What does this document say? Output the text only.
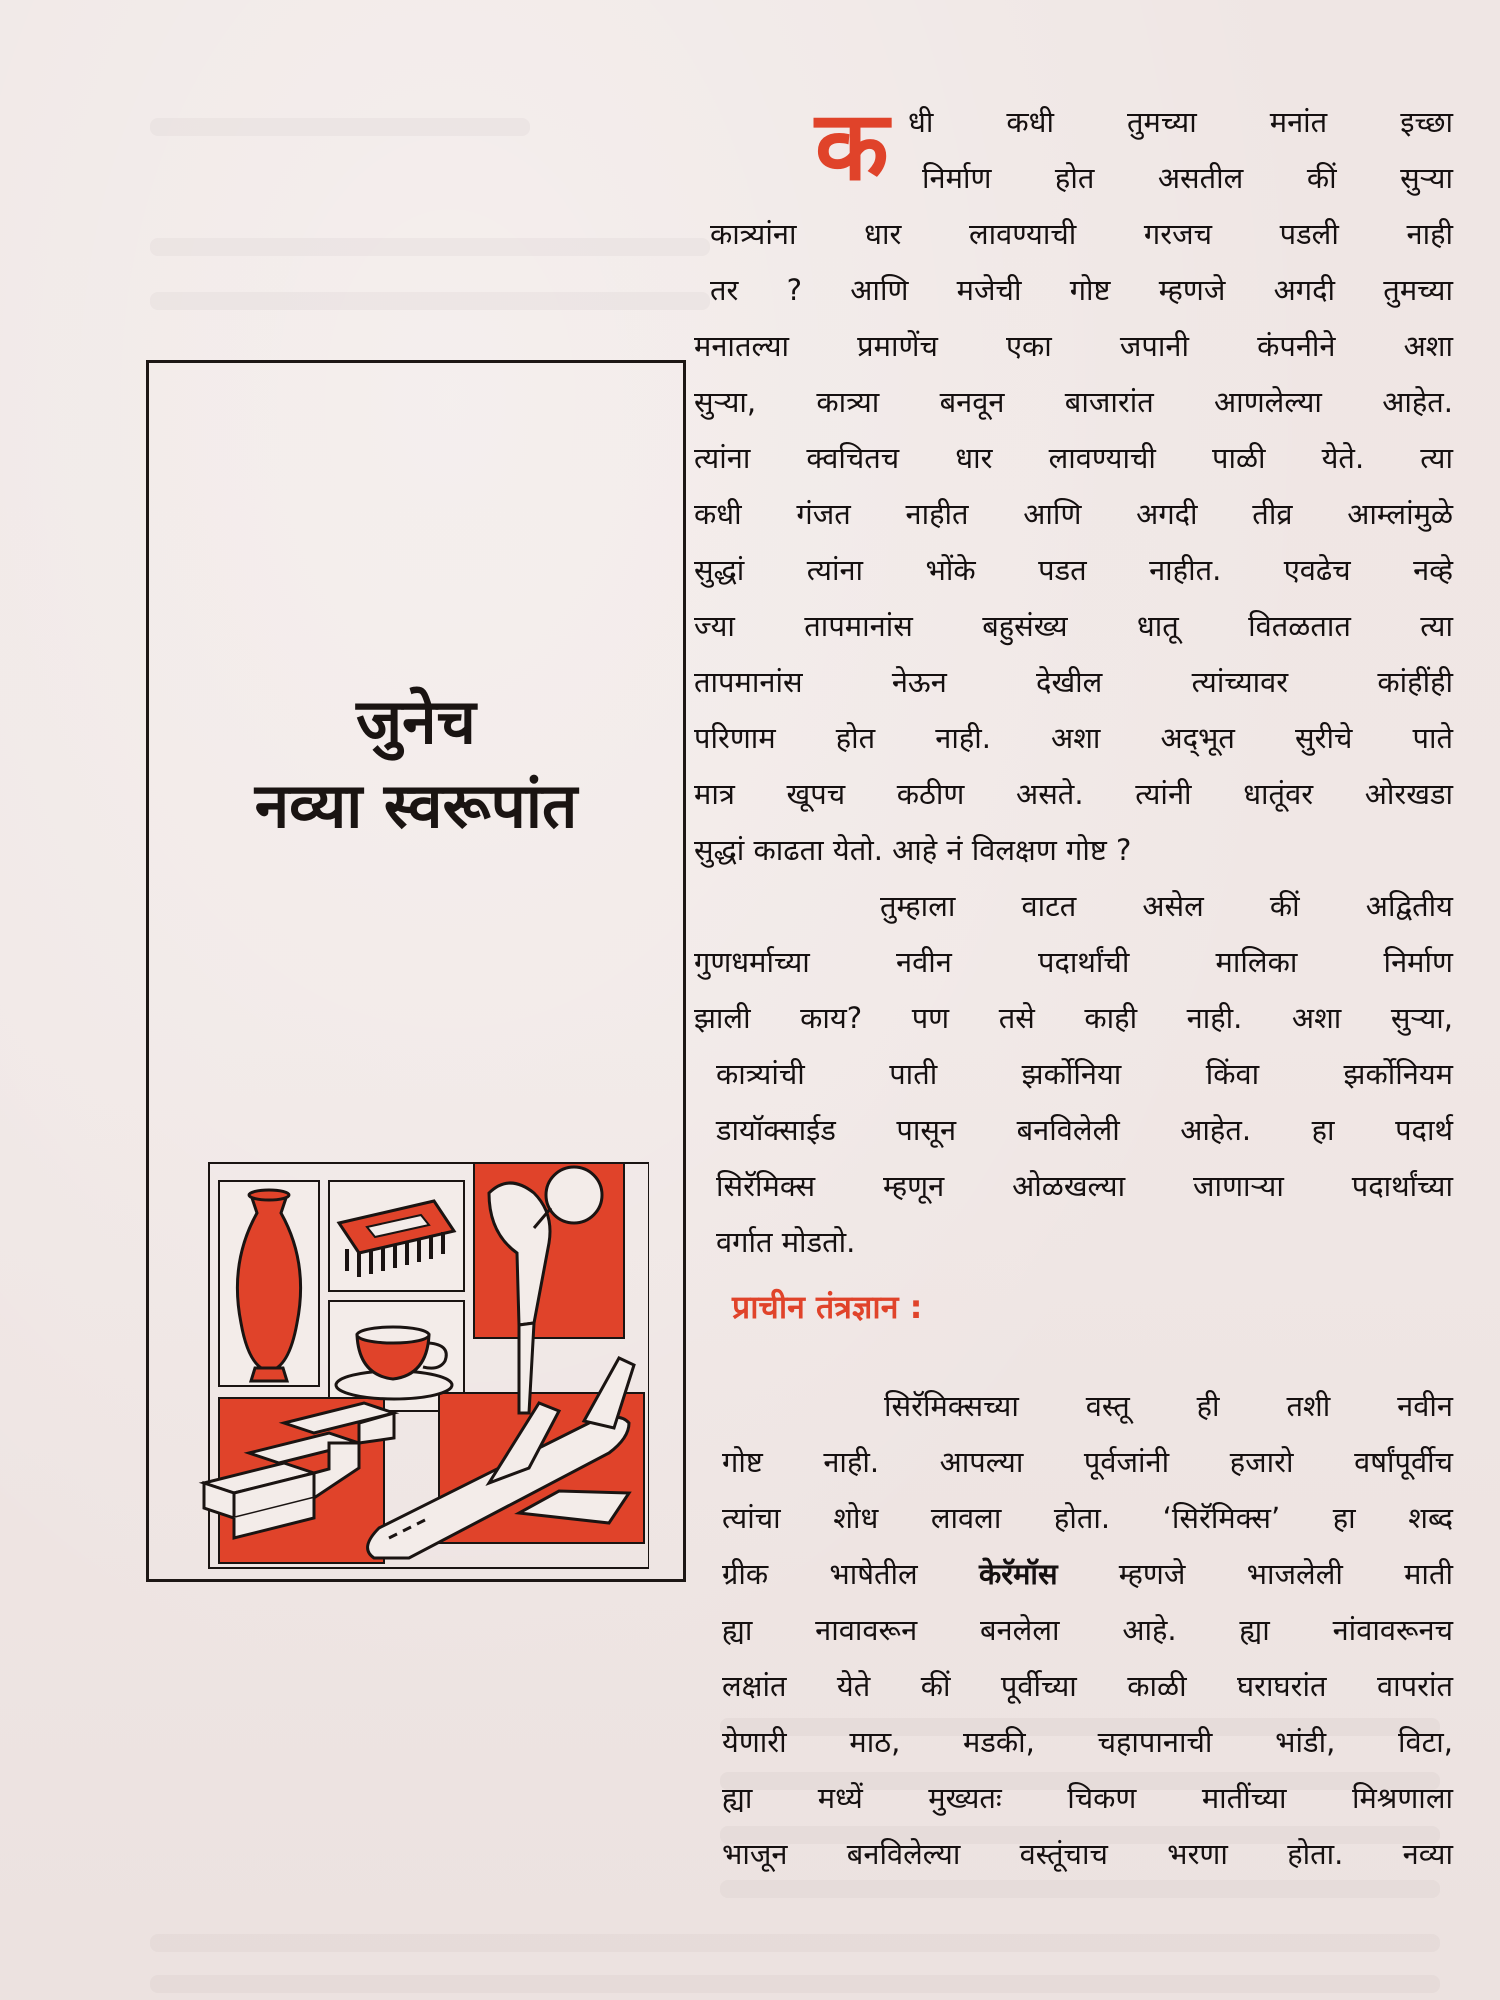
जुनेच
नव्या स्वरूपांत
क धी कधी तुमच्या मनांत इच्छा
निर्माण होत असतील कीं सुऱ्या
कात्र्यांना धार लावण्याची गरजच पडली नाही
तर ? आणि मजेची गोष्ट म्हणजे अगदी तुमच्या
मनातल्या प्रमाणेंच एका जपानी कंपनीने अशा
सुऱ्या, कात्र्या बनवून बाजारांत आणलेल्या आहेत.
त्यांना क्वचितच धार लावण्याची पाळी येते. त्या
कधी गंजत नाहीत आणि अगदी तीव्र आम्लांमुळे
सुद्धां त्यांना भोंके पडत नाहीत. एवढेच नव्हे
ज्या तापमानांस बहुसंख्य धातू वितळतात त्या
तापमानांस नेऊन देखील त्यांच्यावर कांहींही
परिणाम होत नाही. अशा अद्‌भूत सुरीचे पाते
मात्र खूपच कठीण असते. त्यांनी धातूंवर ओरखडा
सुद्धां काढता येतो. आहे नं विलक्षण गोष्ट ?
तुम्हाला वाटत असेल कीं अद्वितीय
गुणधर्माच्या नवीन पदार्थांची मालिका निर्माण
झाली काय? पण तसे काही नाही. अशा सुऱ्या,
कात्र्यांची पाती झर्कोनिया किंवा झर्कोनियम
डायॉक्साईड पासून बनविलेली आहेत. हा पदार्थ
सिरॅमिक्स म्हणून ओळखल्या जाणाऱ्या पदार्थांच्या
वर्गात मोडतो.
प्राचीन तंत्रज्ञान :
सिरॅमिक्सच्या वस्तू ही तशी नवीन
गोष्ट नाही. आपल्या पूर्वजांनी हजारो वर्षांपूर्वीच
त्यांचा शोध लावला होता. ‘सिरॅमिक्स’ हा शब्द
ग्रीक भाषेतील केरॅमॉस म्हणजे भाजलेली माती
ह्या नावावरून बनलेला आहे. ह्या नांवावरूनच
लक्षांत येते कीं पूर्वीच्या काळी घराघरांत वापरांत
येणारी माठ, मडकी, चहापानाची भांडी, विटा,
ह्या मध्यें मुख्यतः चिकण मातींच्या मिश्रणाला
भाजून बनविलेल्या वस्तूंचाच भरणा होता. नव्या
